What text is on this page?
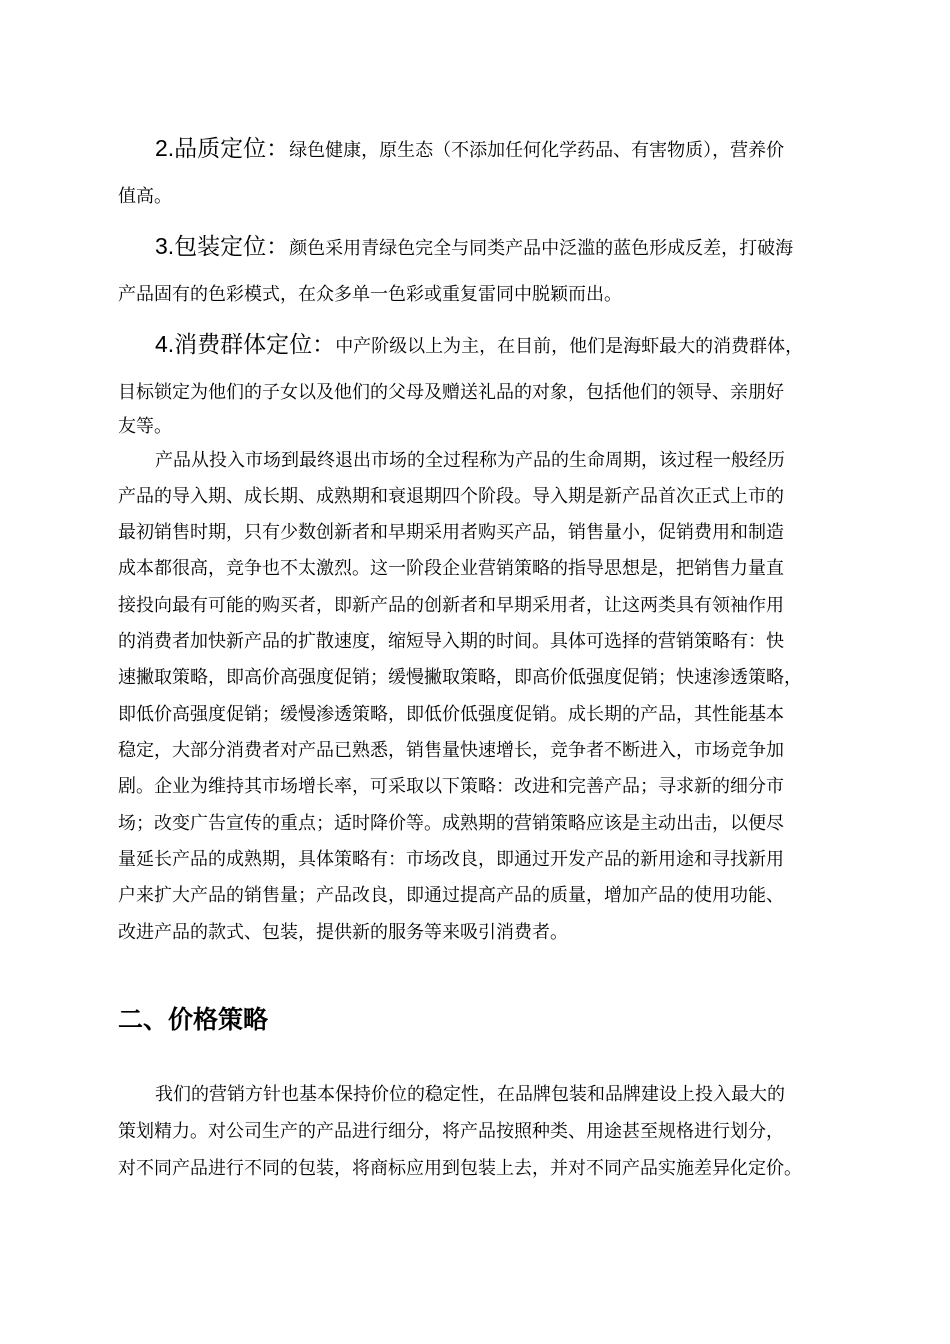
2.品质定位：绿色健康，原生态（不添加任何化学药品、有害物质），营养价
值高。
3.包装定位：颜色采用青绿色完全与同类产品中泛滥的蓝色形成反差，打破海
产品固有的色彩模式，在众多单一色彩或重复雷同中脱颖而出。
4.消费群体定位：中产阶级以上为主，在目前，他们是海虾最大的消费群体，
目标锁定为他们的子女以及他们的父母及赠送礼品的对象，包括他们的领导、亲朋好
友等。
产品从投入市场到最终退出市场的全过程称为产品的生命周期，该过程一般经历
产品的导入期、成长期、成熟期和衰退期四个阶段。导入期是新产品首次正式上市的
最初销售时期，只有少数创新者和早期采用者购买产品，销售量小，促销费用和制造
成本都很高，竞争也不太激烈。这一阶段企业营销策略的指导思想是，把销售力量直
接投向最有可能的购买者，即新产品的创新者和早期采用者，让这两类具有领袖作用
的消费者加快新产品的扩散速度，缩短导入期的时间。具体可选择的营销策略有：快
速撇取策略，即高价高强度促销；缓慢撇取策略，即高价低强度促销；快速渗透策略，
即低价高强度促销；缓慢渗透策略，即低价低强度促销。成长期的产品，其性能基本
稳定，大部分消费者对产品已熟悉，销售量快速增长，竞争者不断进入，市场竞争加
剧。企业为维持其市场增长率，可采取以下策略：改进和完善产品；寻求新的细分市
场；改变广告宣传的重点；适时降价等。成熟期的营销策略应该是主动出击，以便尽
量延长产品的成熟期，具体策略有：市场改良，即通过开发产品的新用途和寻找新用
户来扩大产品的销售量；产品改良，即通过提高产品的质量，增加产品的使用功能、
改进产品的款式、包装，提供新的服务等来吸引消费者。
二、价格策略
我们的营销方针也基本保持价位的稳定性，在品牌包装和品牌建设上投入最大的
策划精力。对公司生产的产品进行细分，将产品按照种类、用途甚至规格进行划分，
对不同产品进行不同的包装，将商标应用到包装上去，并对不同产品实施差异化定价。
